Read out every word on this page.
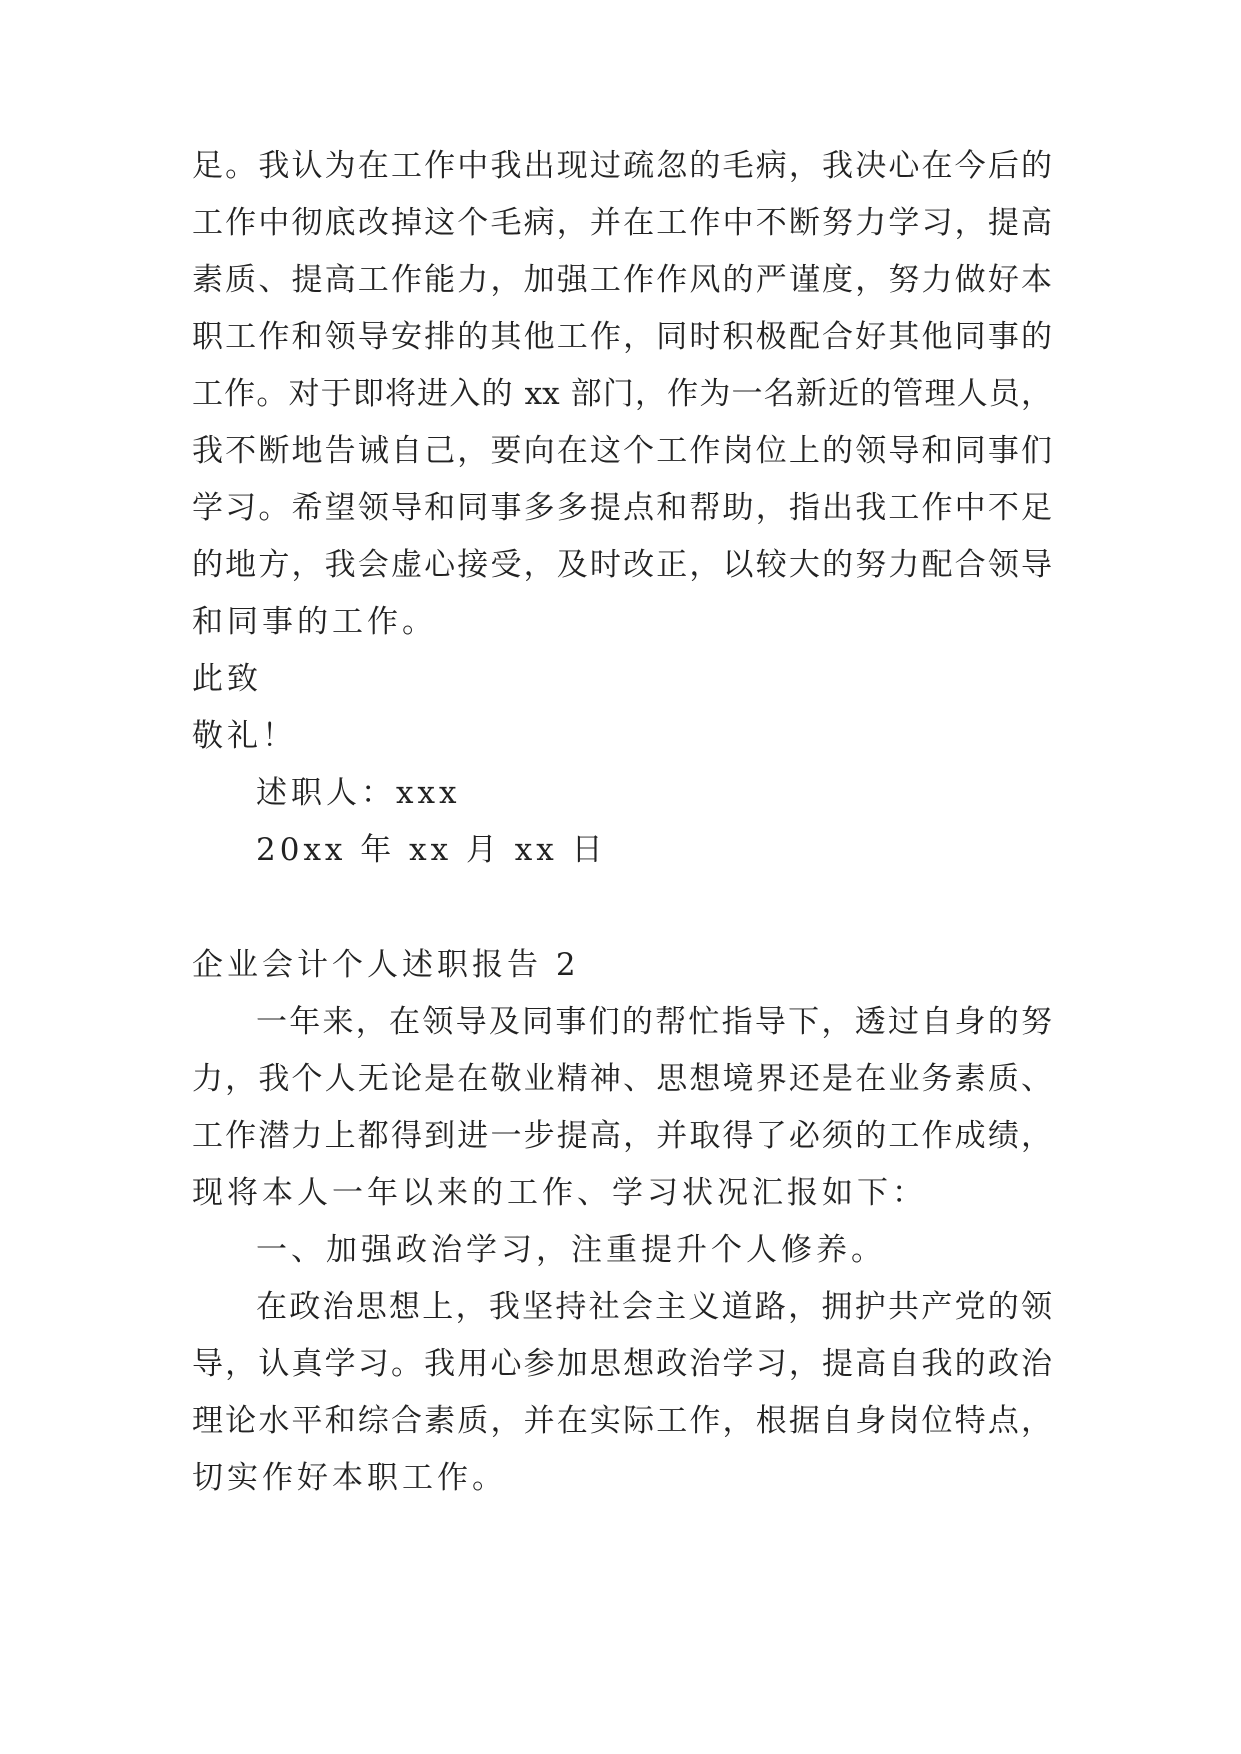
足。我认为在工作中我出现过疏忽的毛病，我决心在今后的
工作中彻底改掉这个毛病，并在工作中不断努力学习，提高
素质、提高工作能力，加强工作作风的严谨度，努力做好本
职工作和领导安排的其他工作，同时积极配合好其他同事的
工作。对于即将进入的 xx 部门，作为一名新近的管理人员，
我不断地告诫自己，要向在这个工作岗位上的领导和同事们
学习。希望领导和同事多多提点和帮助，指出我工作中不足
的地方，我会虚心接受，及时改正，以较大的努力配合领导
和同事的工作。
此致
敬礼！
述职人：xxx
20xx 年 xx 月 xx 日
企业会计个人述职报告 2
一年来，在领导及同事们的帮忙指导下，透过自身的努
力，我个人无论是在敬业精神、思想境界还是在业务素质、
工作潜力上都得到进一步提高，并取得了必须的工作成绩，
现将本人一年以来的工作、学习状况汇报如下：
一、加强政治学习，注重提升个人修养。
在政治思想上，我坚持社会主义道路，拥护共产党的领
导，认真学习。我用心参加思想政治学习，提高自我的政治
理论水平和综合素质，并在实际工作，根据自身岗位特点，
切实作好本职工作。
